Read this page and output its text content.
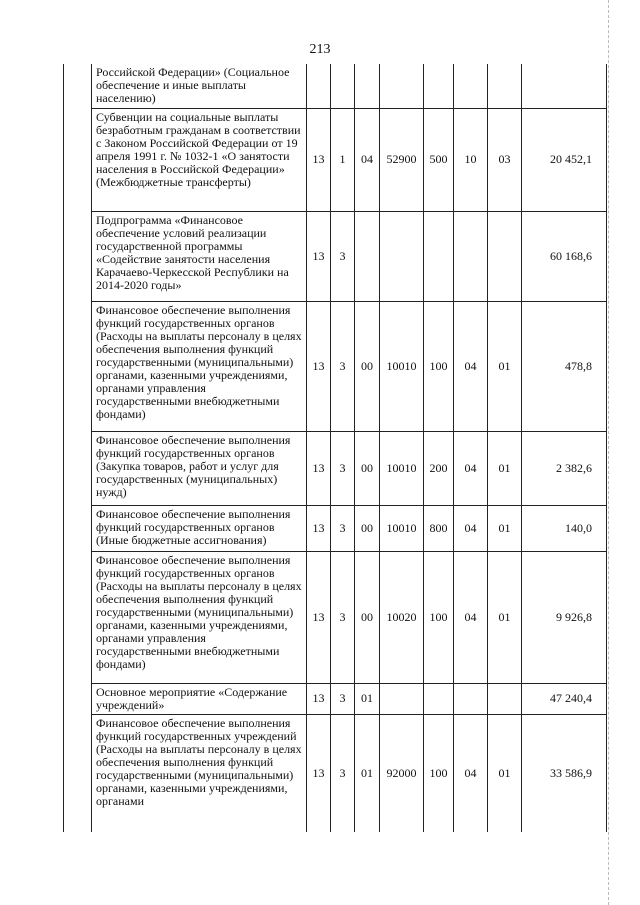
213
	Российской Федерации» (Социальное обеспечение и иные выплаты населению)								
	Субвенции на социальные выплаты безработным гражданам в соответствии с Законом Российской Федерации от 19 апреля 1991 г. № 1032-1 «О занятости населения в Российской Федерации» (Межбюджетные трансферты)	13	1	04	52900	500	10	03	20 452,1
	Подпрограмма «Финансовое обеспечение условий реализации государственной программы «Содействие занятости населения Карачаево-Черкесской Республики на 2014-2020 годы»	13	3						60 168,6
	Финансовое обеспечение выполнения функций государственных органов (Расходы на выплаты персоналу в целях обеспечения выполнения функций государственными (муниципальными) органами, казенными учреждениями, органами управления государственными внебюджетными фондами)	13	3	00	10010	100	04	01	478,8
	Финансовое обеспечение выполнения функций государственных органов (Закупка товаров, работ и услуг для государственных (муниципальных) нужд)	13	3	00	10010	200	04	01	2 382,6
	Финансовое обеспечение выполнения функций государственных органов (Иные бюджетные ассигнования)	13	3	00	10010	800	04	01	140,0
	Финансовое обеспечение выполнения функций государственных органов (Расходы на выплаты персоналу в целях обеспечения выполнения функций государственными (муниципальными) органами, казенными учреждениями, органами управления государственными внебюджетными фондами)	13	3	00	10020	100	04	01	9 926,8
	Основное мероприятие «Содержание учреждений»	13	3	01					47 240,4
	Финансовое обеспечение выполнения функций государственных учреждений (Расходы на выплаты персоналу в целях обеспечения выполнения функций государственными (муниципальными) органами, казенными учреждениями, органами	13	3	01	92000	100	04	01	33 586,9
